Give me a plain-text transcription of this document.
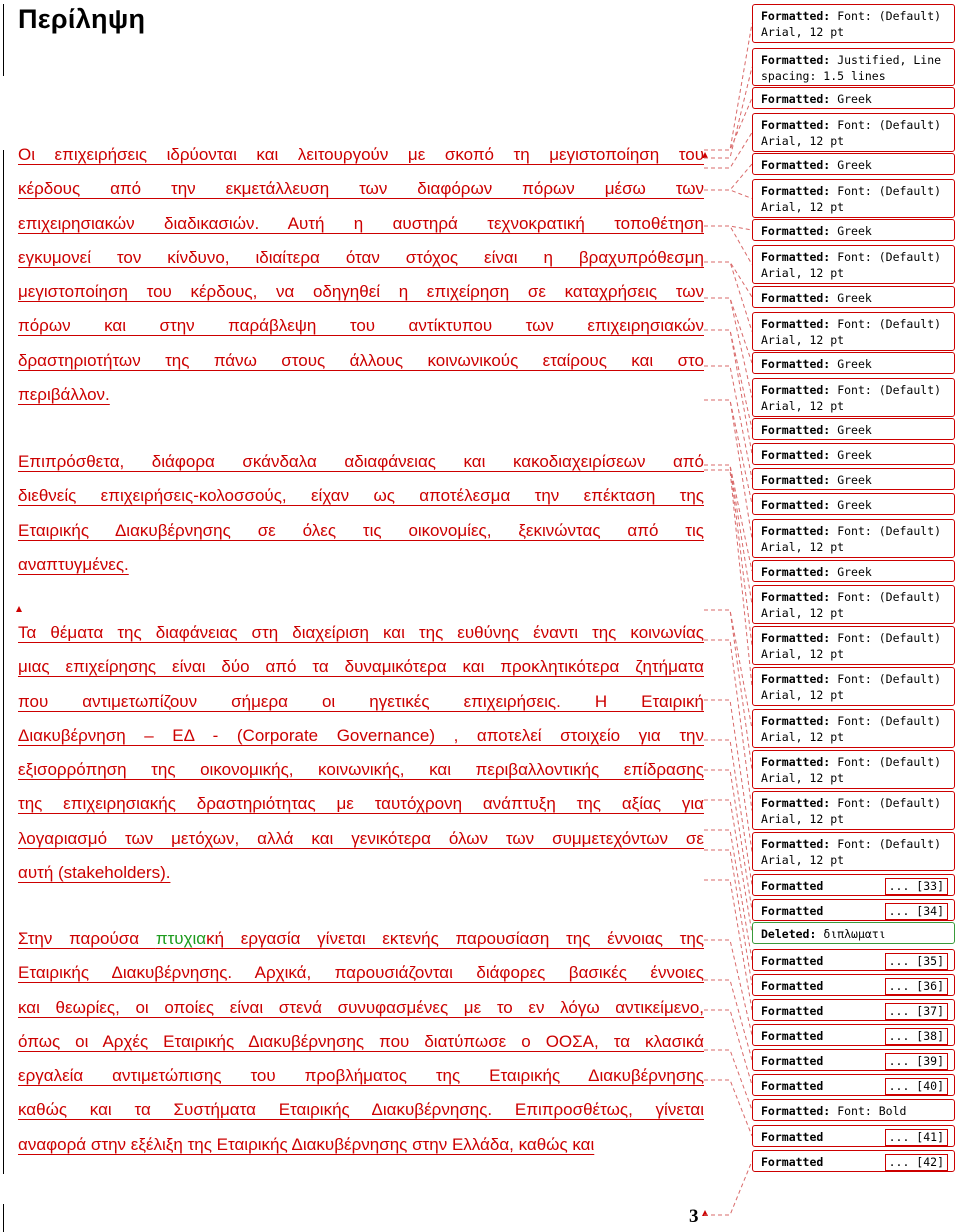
Περίληψη
Οι επιχειρήσεις ιδρύονται και λειτουργούν με σκοπό τη μεγιστοποίηση του
κέρδους από την εκμετάλλευση των διαφόρων πόρων μέσω των
επιχειρησιακών διαδικασιών. Αυτή η αυστηρά τεχνοκρατική τοποθέτηση
εγκυμονεί τον κίνδυνο, ιδιαίτερα όταν στόχος είναι η βραχυπρόθεσμη
μεγιστοποίηση του κέρδους, να οδηγηθεί η επιχείρηση σε καταχρήσεις των
πόρων και στην παράβλεψη του αντίκτυπου των επιχειρησιακών
δραστηριοτήτων της πάνω στους άλλους κοινωνικούς εταίρους και στο
περιβάλλον.
Επιπρόσθετα, διάφορα σκάνδαλα αδιαφάνειας και κακοδιαχειρίσεων από
διεθνείς επιχειρήσεις-κολοσσούς, είχαν ως αποτέλεσμα την επέκταση της
Εταιρικής Διακυβέρνησης σε όλες τις οικονομίες, ξεκινώντας από τις
αναπτυγμένες.
Τα θέματα της διαφάνειας στη διαχείριση και της ευθύνης έναντι της κοινωνίας
μιας επιχείρησης είναι δύο από τα δυναμικότερα και προκλητικότερα ζητήματα
που αντιμετωπίζουν σήμερα οι ηγετικές επιχειρήσεις. Η Εταιρική
Διακυβέρνηση – ΕΔ - (Corporate Governance) , αποτελεί στοιχείο για την
εξισορρόπηση της οικονομικής, κοινωνικής, και περιβαλλοντικής επίδρασης
της επιχειρησιακής δραστηριότητας με ταυτόχρονη ανάπτυξη της αξίας για
λογαριασμό των μετόχων, αλλά και γενικότερα όλων των συμμετεχόντων σε
αυτή (stakeholders).
Στην παρούσα πτυχιακή εργασία γίνεται εκτενής παρουσίαση της έννοιας της
Εταιρικής Διακυβέρνησης. Αρχικά, παρουσιάζονται διάφορες βασικές έννοιες
και θεωρίες, οι οποίες είναι στενά συνυφασμένες με το εν λόγω αντικείμενο,
όπως οι Αρχές Εταιρικής Διακυβέρνησης που διατύπωσε ο ΟΟΣΑ, τα κλασικά
εργαλεία αντιμετώπισης του προβλήματος της Εταιρικής Διακυβέρνησης
καθώς και τα Συστήματα Εταιρικής Διακυβέρνησης. Επιπροσθέτως, γίνεται
αναφορά στην εξέλιξη της Εταιρικής Διακυβέρνησης στην Ελλάδα, καθώς και
3
Formatted: Font: (Default) Arial, 12 pt
Formatted: Justified, Line spacing: 1.5 lines
Formatted: Greek
Formatted: Font: (Default) Arial, 12 pt
Formatted: Greek
Formatted: Font: (Default) Arial, 12 pt
Formatted: Greek
Formatted: Font: (Default) Arial, 12 pt
Formatted: Greek
Formatted: Font: (Default) Arial, 12 pt
Formatted: Greek
Formatted: Font: (Default) Arial, 12 pt
Formatted: Greek
Formatted: Greek
Formatted: Greek
Formatted: Greek
Formatted: Font: (Default) Arial, 12 pt
Formatted: Greek
Formatted: Font: (Default) Arial, 12 pt
Formatted: Font: (Default) Arial, 12 pt
Formatted: Font: (Default) Arial, 12 pt
Formatted: Font: (Default) Arial, 12 pt
Formatted: Font: (Default) Arial, 12 pt
Formatted: Font: (Default) Arial, 12 pt
Formatted: Font: (Default) Arial, 12 pt
Formatted	... [33]
Formatted	... [34]
Deleted: διπλωματι
Formatted	... [35]
Formatted	... [36]
Formatted	... [37]
Formatted	... [38]
Formatted	... [39]
Formatted	... [40]
Formatted: Font: Bold
Formatted	... [41]
Formatted	... [42]
